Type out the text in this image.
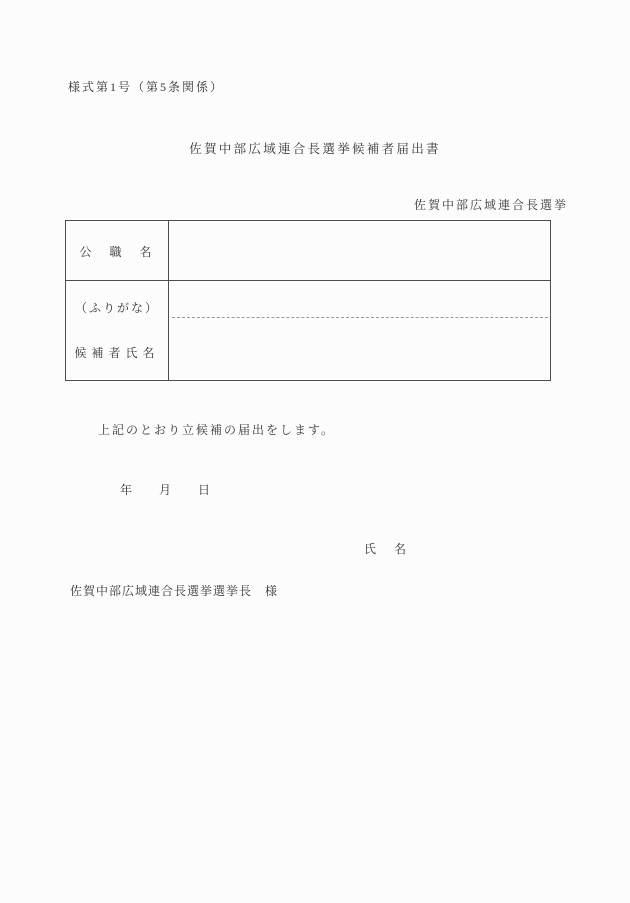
様式第1号（第5条関係）
佐賀中部広域連合長選挙候補者届出書
佐賀中部広域連合長選挙
公　職　名
（ふりがな）
候補者氏名
上記のとおり立候補の届出をします。
年　　月　　日
氏　名
佐賀中部広域連合長選挙選挙長　様
